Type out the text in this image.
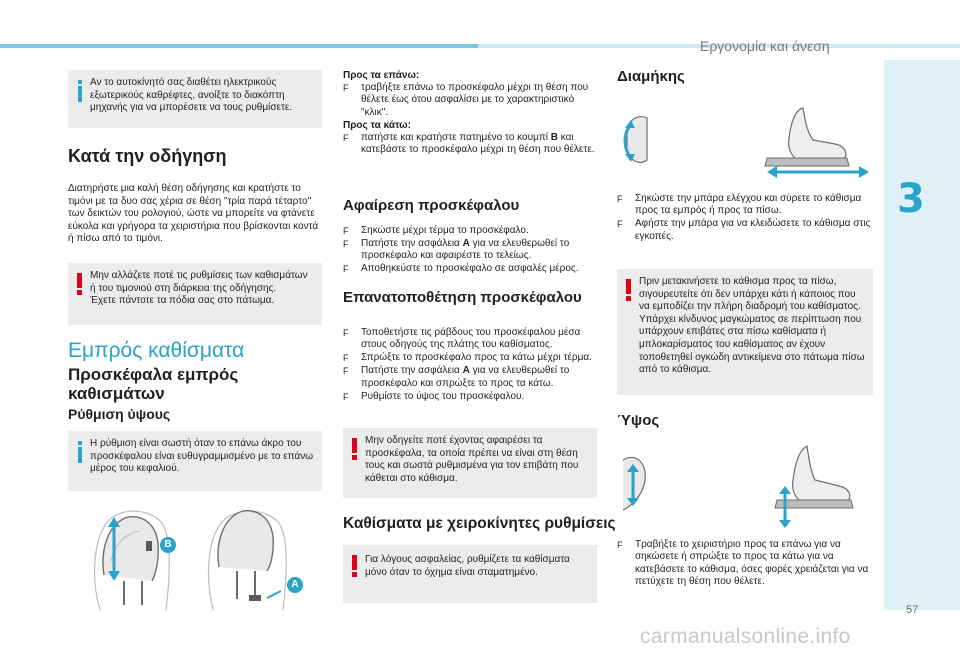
Εργονομία και άνεση
3
57

Αν το αυτοκίνητό σας διαθέτει ηλεκτρικούς εξωτερικούς καθρέφτες, ανοίξτε το διακόπτη μηχανής για να μπορέσετε να τους ρυθμίσετε.

Κατά την οδήγηση

Διατηρήστε μια καλή θέση οδήγησης και κρατήστε το τιμόνι με τα δυο σας χέρια σε θέση "τρία παρά τέταρτο" των δεικτών του ρολογιού, ώστε να μπορείτε να φτάνετε εύκολα και γρήγορα τα χειριστήρια που βρίσκονται κοντά ή πίσω από το τιμόνι.

Μην αλλάζετε ποτέ τις ρυθμίσεις των καθισμάτων ή του τιμονιού στη διάρκεια της οδήγησης.
Έχετε πάντοτε τα πόδια σας στο πάτωμα.

Εμπρός καθίσματα
Προσκέφαλα εμπρός καθισμάτων
Ρύθμιση ύψους

Η ρύθμιση είναι σωστή όταν το επάνω άκρο του προσκέφαλου είναι ευθυγραμμισμένο με το επάνω μέρος του κεφαλιού.

B
A
Προς τα επάνω:
F	τραβήξτε επάνω το προσκέφαλο μέχρι τη θέση που θέλετε έως ότου ασφαλίσει με το χαρακτηριστικό "κλικ".
Προς τα κάτω:
F	πατήστε και κρατήστε πατημένο το κουμπί B και κατεβάστε το προσκέφαλο μέχρι τη θέση που θέλετε.
Αφαίρεση προσκέφαλου
F	Σηκώστε μέχρι τέρμα το προσκέφαλο.
F	Πατήστε την ασφάλεια A για να ελευθερωθεί το προσκέφαλο και αφαιρέστε το τελείως.
F	Αποθηκεύστε το προσκέφαλο σε ασφαλές μέρος.
Επανατοποθέτηση προσκέφαλου
F	Τοποθετήστε τις ράβδους του προσκέφαλου μέσα στους οδηγούς της πλάτης του καθίσματος.
F	Σπρώξτε το προσκέφαλο προς τα κάτω μέχρι τέρμα.
F	Πατήστε την ασφάλεια A για να ελευθερωθεί το προσκέφαλο και σπρώξτε το προς τα κάτω.
F	Ρυθμίστε το ύψος του προσκέφαλου.

Μην οδηγείτε ποτέ έχοντας αφαιρέσει τα προσκέφαλα, τα οποία πρέπει να είναι στη θέση τους και σωστά ρυθμισμένα για τον επιβάτη που κάθεται στο κάθισμα.

Καθίσματα με χειροκίνητες ρυθμίσεις

Για λόγους ασφαλείας, ρυθμίζετε τα καθίσματα μόνο όταν το όχημα είναι σταματημένο.

Διαμήκης
F	Σηκώστε την μπάρα ελέγχου και σύρετε το κάθισμα προς τα εμπρός ή προς τα πίσω.
F	Αφήστε την μπάρα για να κλειδώσετε το κάθισμα στις εγκοπές.

Πριν μετακινήσετε το κάθισμα προς τα πίσω, σιγουρευτείτε ότι δεν υπάρχει κάτι ή κάποιος που να εμποδίζει την πλήρη διαδρομή του καθίσματος. Υπάρχει κίνδυνος μαγκώματος σε περίπτωση που υπάρχουν επιβάτες στα πίσω καθίσματα ή μπλοκαρίσματος του καθίσματος αν έχουν τοποθετηθεί ογκώδη αντικείμενα στο πάτωμα πίσω από το κάθισμα.

Ύψος
F	Τραβήξτε το χειριστήριο προς τα επάνω για να σηκώσετε ή σπρώξτε το προς τα κάτω για να κατεβάσετε το κάθισμα, όσες φορές χρειάζεται για να πετύχετε τη θέση που θέλετε.
carmanualsonline.info
